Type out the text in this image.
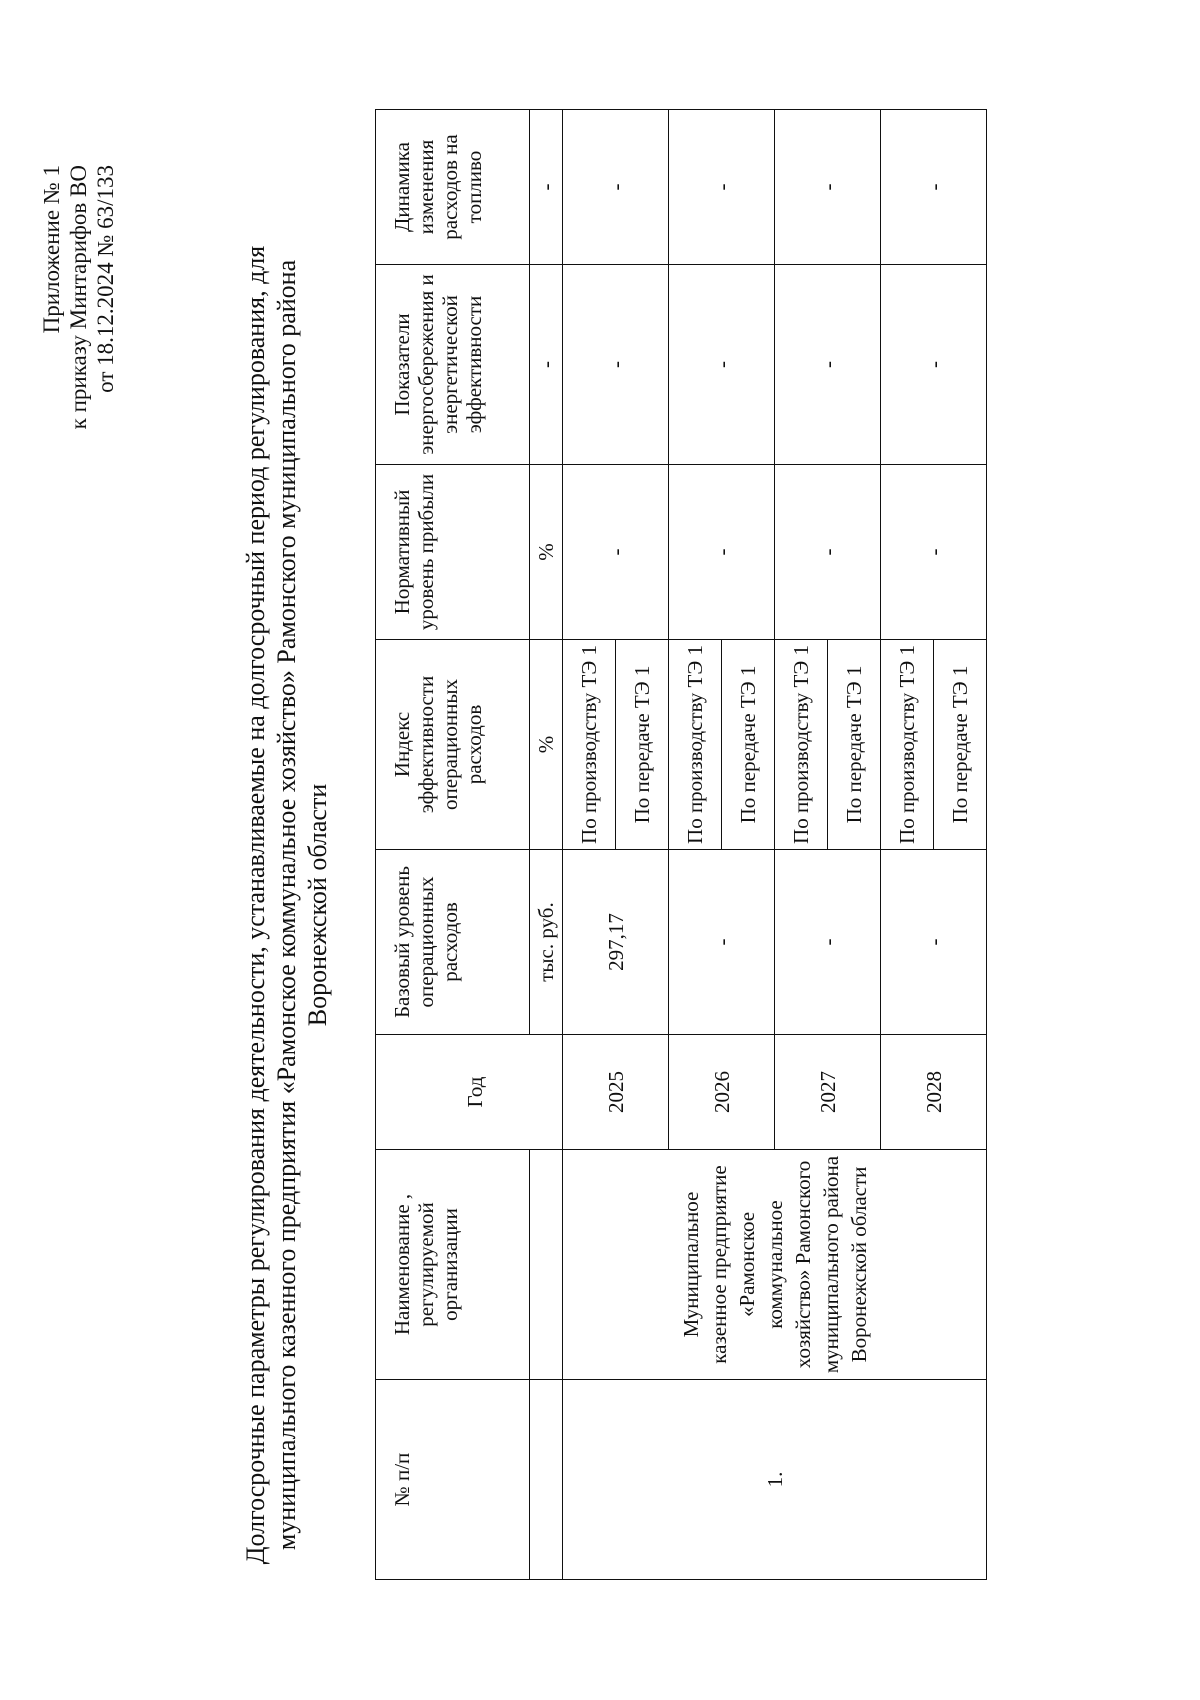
Приложение № 1 к приказу Минтарифов ВО от 18.12.2024 № 63/133	Долгосрочные параметры регулирования деятельности, устанавливаемые на долгосрочный период регулирования, для муниципального казенного предприятия «Рамонское коммунальное хозяйство» Рамонского муниципального района Воронежской области
№ п/п	Наименование , регулируемой организации	Год	Базовый уровень операционных расходов	Индекс эффективности операционных расходов	Нормативный уровень прибыли	Показатели энергосбережения и энергетической эффективности	Динамика изменения расходов на топливо
			тыс. руб.	%	%	-	-
1.	Муниципальное казенное предприятие «Рамонское коммунальное хозяйство» Рамонского муниципального района Воронежской области	2025	297,17	По производству ТЭ 1	-	-	-
				По передаче ТЭ 1			
		2026	-	По производству ТЭ 1	-	-	-
				По передаче ТЭ 1			
		2027	-	По производству ТЭ 1	-	-	-
				По передаче ТЭ 1			
		2028	-	По производству ТЭ 1	-	-	-
				По передаче ТЭ 1			
